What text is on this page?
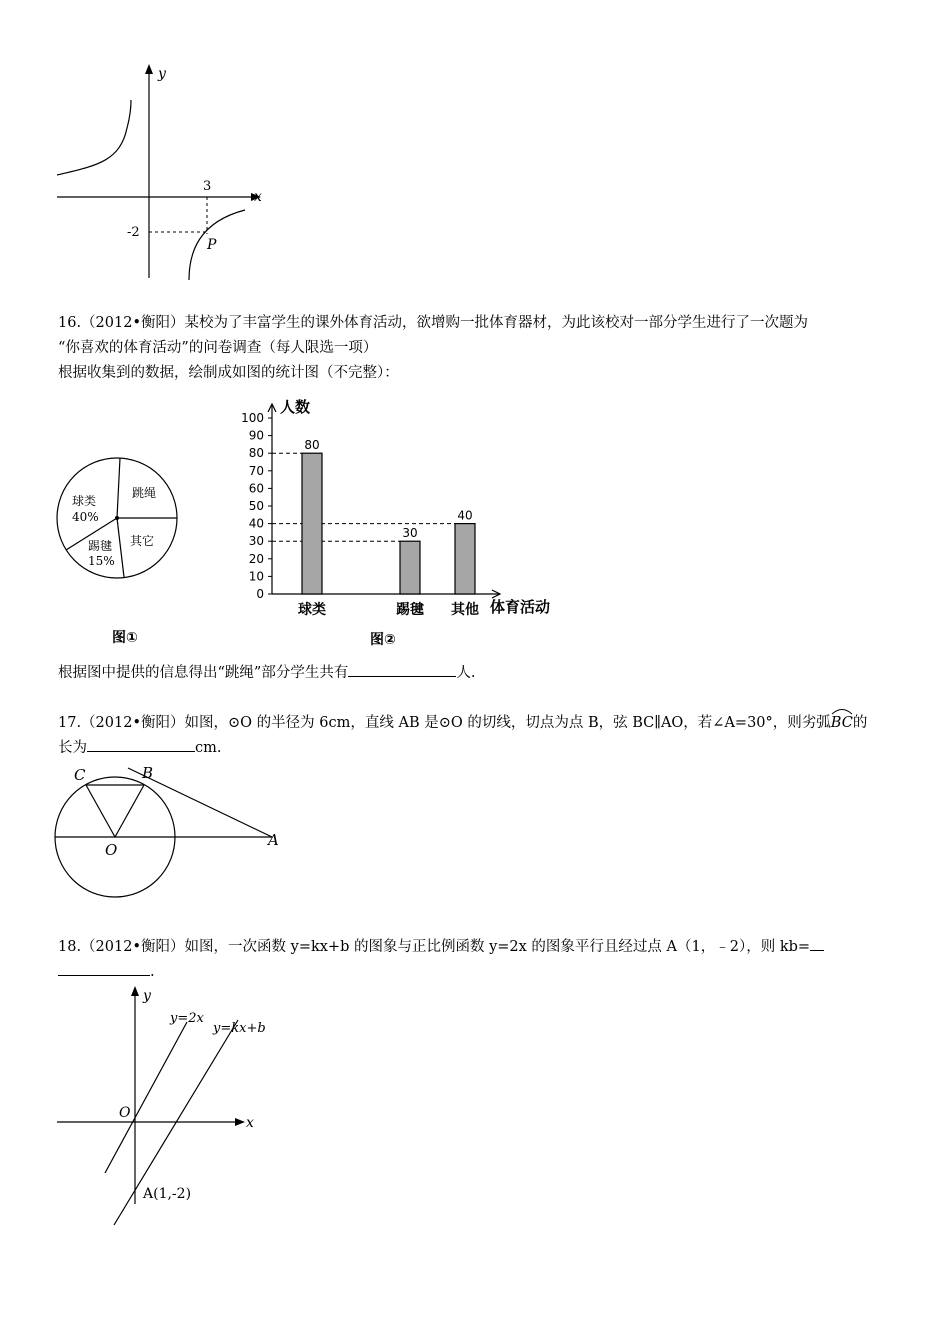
y
x
3
-2
P
16.（2012•衡阳）某校为了丰富学生的课外体育活动，欲增购一批体育器材，为此该校对一部分学生进行了一次题为
“你喜欢的体育活动”的问卷调查（每人限选一项）
根据收集到的数据，绘制成如图的统计图（不完整）：
球类
40%
跳绳
其它
踢毽
15%
图①
0
10
20
30
40
50
60
70
80
90
100
80
球类
30
踢毽
40
其他
人数
体育活动
图②
根据图中提供的信息得出“跳绳”部分学生共有	人.
17.（2012•衡阳）如图，⊙O 的半径为 6cm，直线 AB 是⊙O 的切线，切点为点 B，弦 BC∥AO，若∠A=30°，则劣弧
BC的
长为	cm.
C	B
O
A
18.（2012•衡阳）如图，一次函数 y=kx+b 的图象与正比例函数 y=2x 的图象平行且经过点 A（1，﹣2），则 kb=
.
y
x
O
y=2x
y=kx+b
A(1,-2)
